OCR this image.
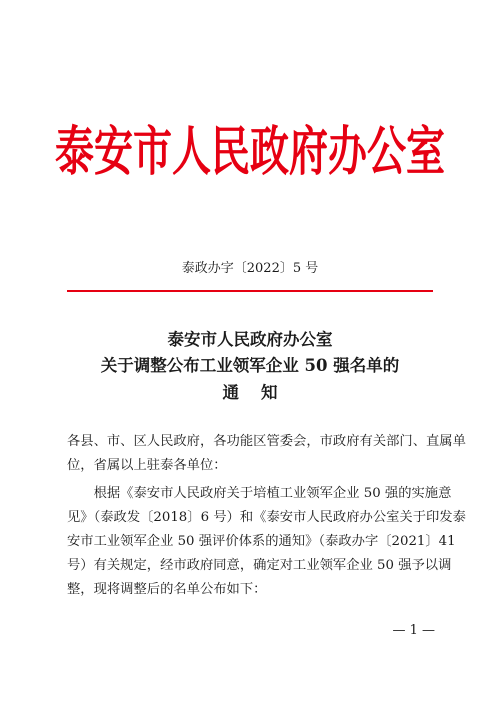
泰安市人民政府办公室
泰政办字〔2022〕5 号
泰安市人民政府办公室
关于调整公布工业领军企业 50 强名单的
通知
各县、市、区人民政府，各功能区管委会，市政府有关部门、直属单
位，省属以上驻泰各单位：
　　根据《泰安市人民政府关于培植工业领军企业 50 强的实施意
见》（泰政发〔2018〕6 号）和《泰安市人民政府办公室关于印发泰
安市工业领军企业 50 强评价体系的通知》（泰政办字〔2021〕41
号）有关规定，经市政府同意，确定对工业领军企业 50 强予以调
整，现将调整后的名单公布如下：
— 1 —
